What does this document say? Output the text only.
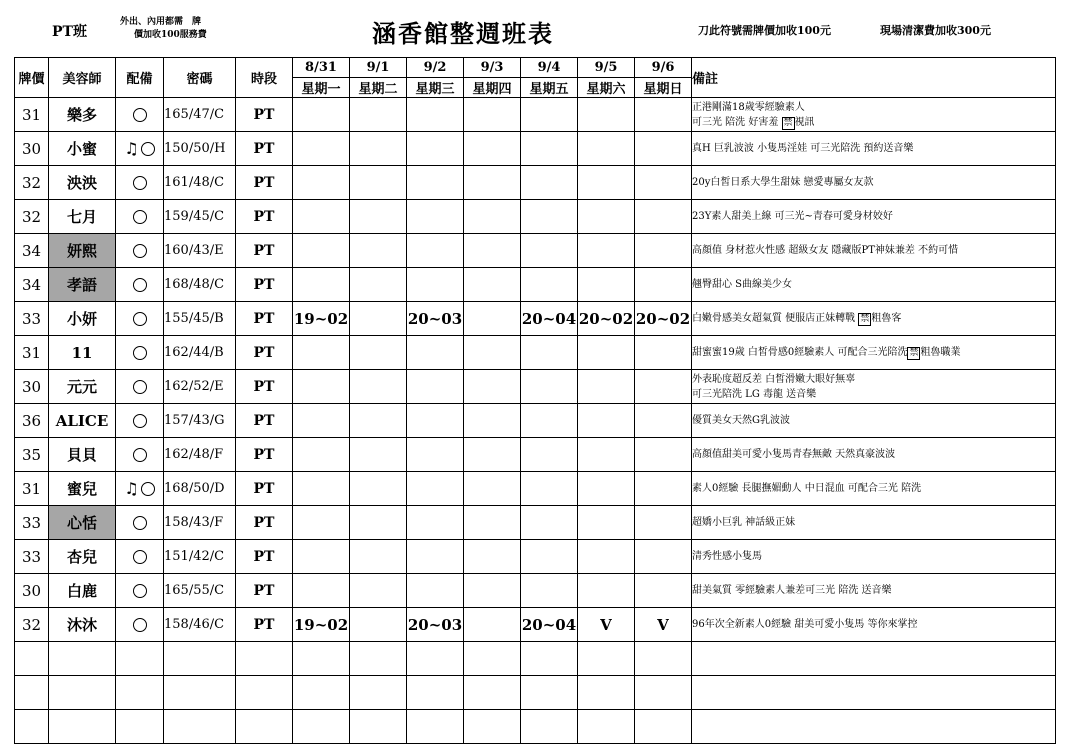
PT班
外出、內用都需　牌
價加收100服務費	涵香館整週班表	刀此符號需牌價加收100元	現場清潔費加收300元
牌價	美容師	配備	密碼	時段	8/31	9/1	9/2	9/3	9/4	9/5	9/6	備註
					星期一	星期二	星期三	星期四	星期五	星期六	星期日	
31	樂多		165/47/C	PT								正港剛滿18歲零經驗素人
可三光 陪洗 好害羞 禁 視訊

30	小蜜	♫	150/50/H	PT								真H 巨乳波波 小隻馬淫娃 可三光陪洗 預約送音樂

32	泱泱		161/48/C	PT								20y白皙日系大學生甜妹 戀愛專屬女友款

32	七月		159/45/C	PT								23Y素人甜美上線 可三光~青春可愛身材姣好

34	妍熙		160/43/E	PT								高顏值 身材惹火性感 超級女友 隱藏版PT神妹兼差 不約可惜

34	孝語		168/48/C	PT								翹臀甜心 S曲線美少女

33	小妍		155/45/B	PT	19~02		20~03		20~04	20~02	20~02	白嫩骨感美女超氣質 便服店正妹轉戰 禁 粗魯客

31	11		162/44/B	PT								甜蜜蜜19歲 白皙骨感0經驗素人 可配合三光陪洗 禁 粗魯職業

30	元元		162/52/E	PT								外表恥度超反差 白皙滑嫩大眼好無辜
可三光陪洗 LG 毒龍 送音樂

36	ALICE		157/43/G	PT								優質美女天然G乳波波

35	貝貝		162/48/F	PT								高顏值甜美可愛小隻馬青春無敵 天然真豪波波

31	蜜兒	♫	168/50/D	PT								素人0經驗 長腿撫媚動人 中日混血 可配合三光 陪洗

33	心恬		158/43/F	PT								超嬌小巨乳 神話級正妹

33	杏兒		151/42/C	PT								清秀性感小隻馬

30	白鹿		165/55/C	PT								甜美氣質 零經驗素人兼差可三光 陪洗 送音樂

32	沐沐		158/46/C	PT	19~02		20~03		20~04	V	V	96年次全新素人0經驗 甜美可愛小隻馬 等你來掌控
